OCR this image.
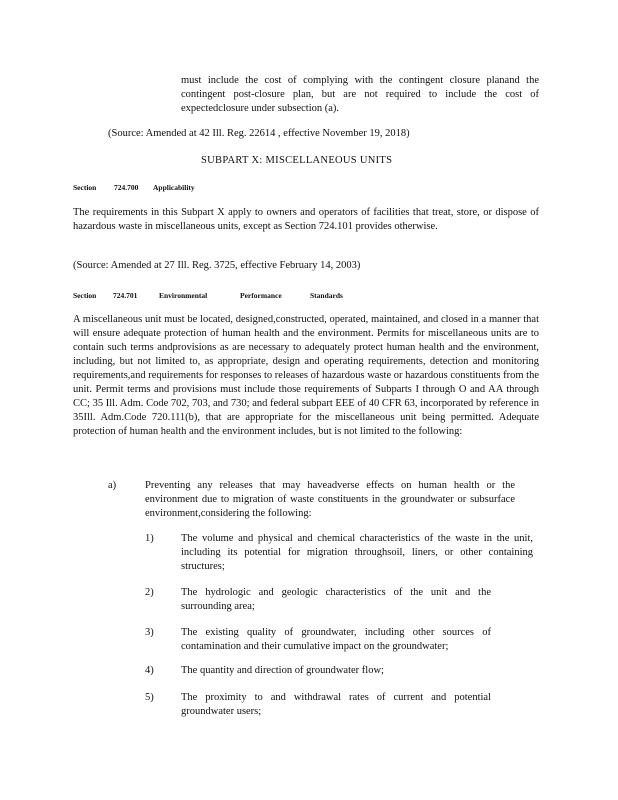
must include the cost of complying with the contingent closure planand the contingent post-closure plan, but are not required to include the cost of expectedclosure under subsection (a).

(Source: Amended at 42 Ill. Reg. 22614 , effective November 19, 2018)

SUBPART X: MISCELLANEOUS UNITS

Section 724.700 Applicability

The requirements in this Subpart X apply to owners and operators of facilities that treat, store, or dispose of hazardous waste in miscellaneous units, except as Section 724.101 provides otherwise.

(Source: Amended at 27 Ill. Reg. 3725, effective February 14, 2003)

Section 724.701	Environmental	Performance	Standards

A miscellaneous unit must be located, designed,constructed, operated, maintained, and closed in a manner that will ensure adequate protection of human health and the environment. Permits for miscellaneous units are to contain such terms andprovisions as are necessary to adequately protect human health and the environment, including, but not limited to, as appropriate, design and operating requirements, detection and monitoring requirements,and requirements for responses to releases of hazardous waste or hazardous constituents from the unit. Permit terms and provisions must include those requirements of Subparts I through O and AA through CC; 35 Ill. Adm. Code 702, 703, and 730; and federal subpart EEE of 40 CFR 63, incorporated by reference in 35Ill. Adm.Code 720.111(b), that are appropriate for the miscellaneous unit being permitted. Adequate protection of human health and the environment includes, but is not limited to the following:

a)	Preventing any releases that may haveadverse effects on human health or the environment due to migration of waste constituents in the groundwater or subsurface environment,considering the following:

1)	The volume and physical and chemical characteristics of the waste in the unit, including its potential for migration throughsoil, liners, or other containing structures;

2)	The hydrologic and geologic characteristics of the unit and the surrounding area;

3)	The existing quality of groundwater, including other sources of contamination and their cumulative impact on the groundwater;

4)	The quantity and direction of groundwater flow;

5)	The proximity to and withdrawal rates of current and potential groundwater users;
